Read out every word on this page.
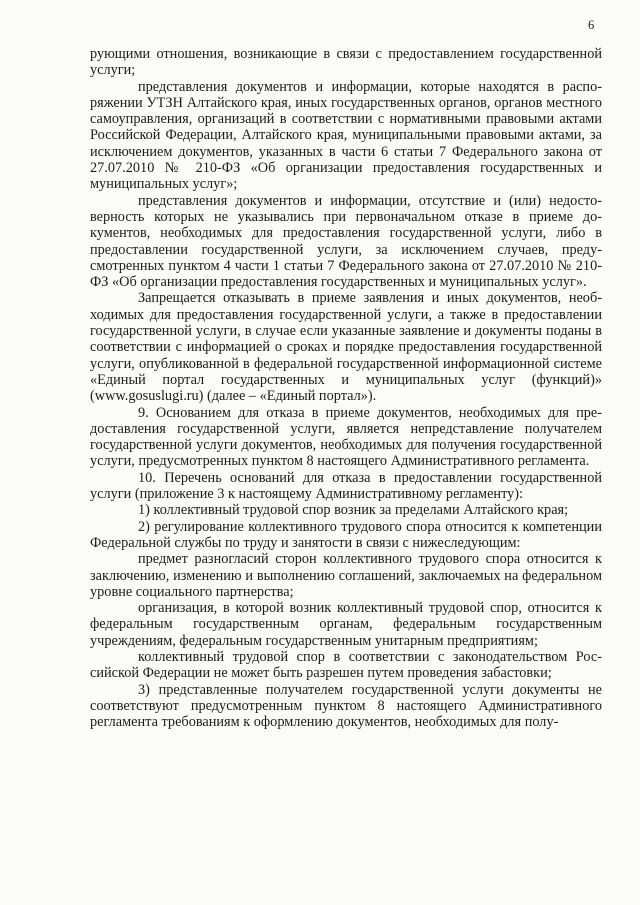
6

рующими отношения, возникающие в связи с предоставлением государственной услуги;

представления документов и информации, которые находятся в распоряжении УТЗН Алтайского края, иных государственных органов, органов местного самоуправления, организаций в соответствии с нормативными правовыми актами Российской Федерации, Алтайского края, муниципальными правовыми актами, за исключением документов, указанных в части 6 статьи 7 Федерального закона от 27.07.2010 № 210-ФЗ «Об организации предоставления государственных и муниципальных услуг»;

представления документов и информации, отсутствие и (или) недостоверность которых не указывались при первоначальном отказе в приеме документов, необходимых для предоставления государственной услуги, либо в предоставлении государственной услуги, за исключением случаев, предусмотренных пунктом 4 части 1 статьи 7 Федерального закона от 27.07.2010 № 210-ФЗ «Об организации предоставления государственных и муниципальных услуг».

Запрещается отказывать в приеме заявления и иных документов, необходимых для предоставления государственной услуги, а также в предоставлении государственной услуги, в случае если указанные заявление и документы поданы в соответствии с информацией о сроках и порядке предоставления государственной услуги, опубликованной в федеральной государственной информационной системе «Единый портал государственных и муниципальных услуг (функций)» (www.gosuslugi.ru) (далее – «Единый портал»).

9. Основанием для отказа в приеме документов, необходимых для предоставления государственной услуги, является непредставление получателем государственной услуги документов, необходимых для получения государственной услуги, предусмотренных пунктом 8 настоящего Административного регламента.

10. Перечень оснований для отказа в предоставлении государственной услуги (приложение 3 к настоящему Административному регламенту):

1) коллективный трудовой спор возник за пределами Алтайского края;

2) регулирование коллективного трудового спора относится к компетенции Федеральной службы по труду и занятости в связи с нижеследующим:

предмет разногласий сторон коллективного трудового спора относится к заключению, изменению и выполнению соглашений, заключаемых на федеральном уровне социального партнерства;

организация, в которой возник коллективный трудовой спор, относится к федеральным государственным органам, федеральным государственным учреждениям, федеральным государственным унитарным предприятиям;

коллективный трудовой спор в соответствии с законодательством Российской Федерации не может быть разрешен путем проведения забастовки;

3) представленные получателем государственной услуги документы не соответствуют предусмотренным пунктом 8 настоящего Административного регламента требованиям к оформлению документов, необходимых для полу-
